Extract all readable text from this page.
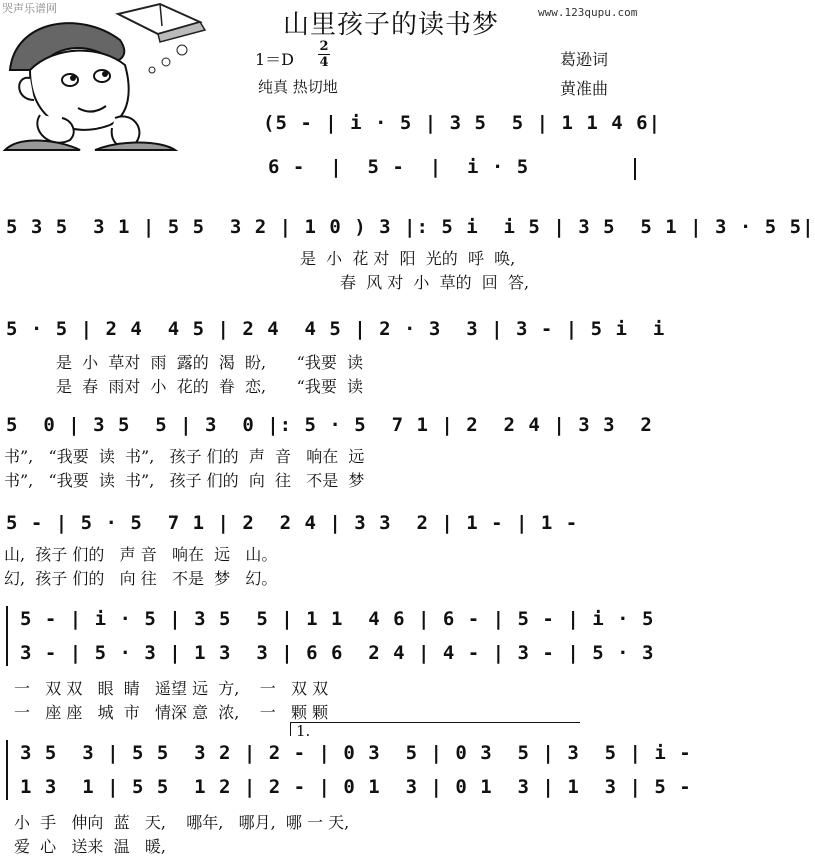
哭声乐谱网
山里孩子的读书梦	www.123qupu.com
1＝D
2
4
纯真 热切地
葛逊词
黄准曲
(5 - | i · 5 | 3 5  5 | 1 1 4 6|
6 -  |  5 -  |  i · 5
5 3 5  3 1 | 5 5  3 2 | 1 0 ) 3 |: 5 i  i 5 | 3 5  5 1 | 3 · 5 5|
是  小  花 对  阳  光的  呼  唤,
春  风 对  小  草的  回  答,
5 · 5 | 2 4  4 5 | 2 4  4 5 | 2 · 3  3 | 3 - | 5 i  i
是  小  草对  雨  露的  渴  盼,      “我要  读
是  春  雨对  小  花的  眷  恋,      “我要  读
5  0 | 3 5  5 | 3  0 |: 5 · 5  7 1 | 2  2 4 | 3 3  2
书”,   “我要  读  书”,   孩子 们的  声  音   响在  远
书”,   “我要  读  书”,   孩子 们的  向  往   不是  梦
5 - | 5 · 5  7 1 | 2  2 4 | 3 3  2 | 1 - | 1 -
山,  孩子 们的   声 音   响在  远   山。
幻,  孩子 们的   向 往   不是  梦   幻。
5 - | i · 5 | 3 5  5 | 1 1  4 6 | 6 - | 5 - | i · 5
3 - | 5 · 3 | 1 3  3 | 6 6  2 4 | 4 - | 3 - | 5 · 3
一   双 双   眼  睛   遥望 远  方,    一   双 双
一   座 座   城  市   情深 意  浓,    一   颗 颗
1.
3 5  3 | 5 5  3 2 | 2 - | 0 3  5 | 0 3  5 | 3  5 | i -
1 3  1 | 5 5  1 2 | 2 - | 0 1  3 | 0 1  3 | 1  3 | 5 -
小  手   伸向  蓝   天,    哪年,   哪月,  哪 一 天,
爱  心   送来  温   暖,
